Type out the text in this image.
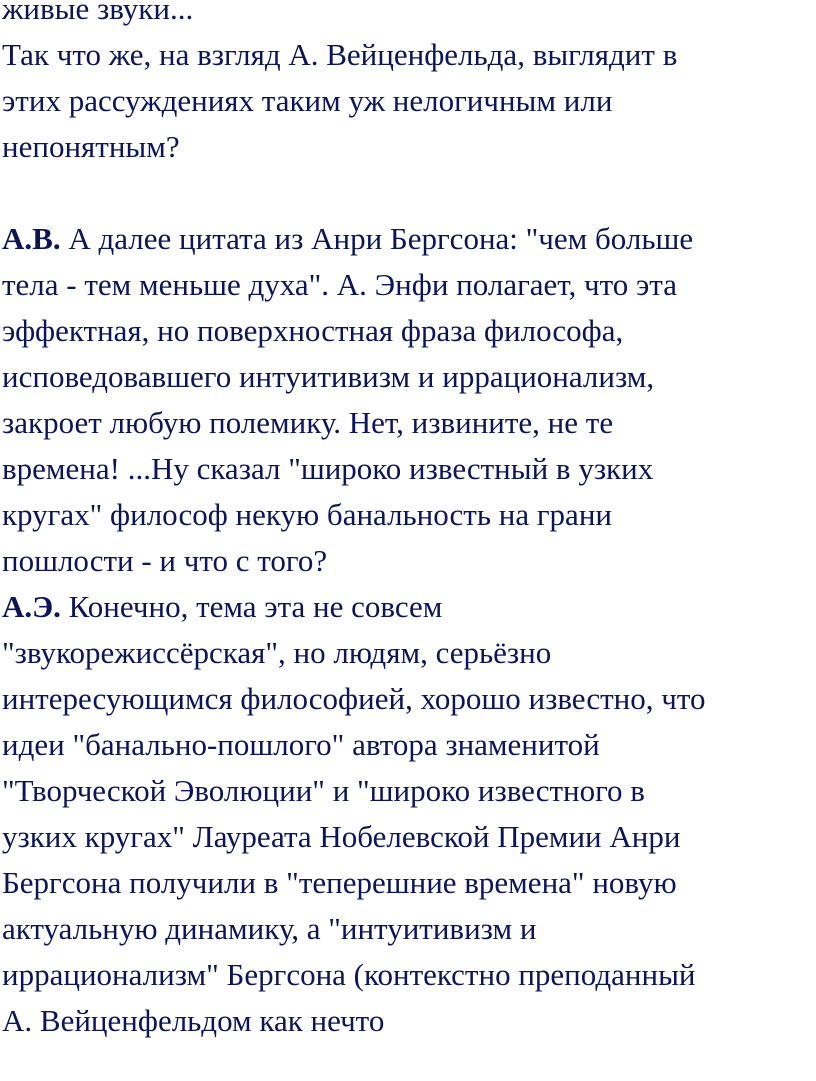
живые звуки...
Так что же, на взгляд А. Вейценфельда, выглядит в
этих рассуждениях таким уж нелогичным или
непонятным?
А.В. А далее цитата из Анри Бергсона: "чем больше
тела - тем меньше духа". А. Энфи полагает, что эта
эффектная, но поверхностная фраза философа,
исповедовавшего интуитивизм и иррационализм,
закроет любую полемику. Нет, извините, не те
времена! ...Ну сказал "широко известный в узких
кругах" философ некую банальность на грани
пошлости - и что с того?
А.Э. Конечно, тема эта не совсем
"звукорежиссёрская", но людям, серьёзно
интересующимся философией, хорошо известно, что
идеи "банально-пошлого" автора знаменитой
"Творческой Эволюции" и "широко известного в
узких кругах" Лауреата Нобелевской Премии Анри
Бергсона получили в "теперешние времена" новую
актуальную динамику, а "интуитивизм и
иррационализм" Бергсона (контекстно преподанный
А. Вейценфельдом как нечто
